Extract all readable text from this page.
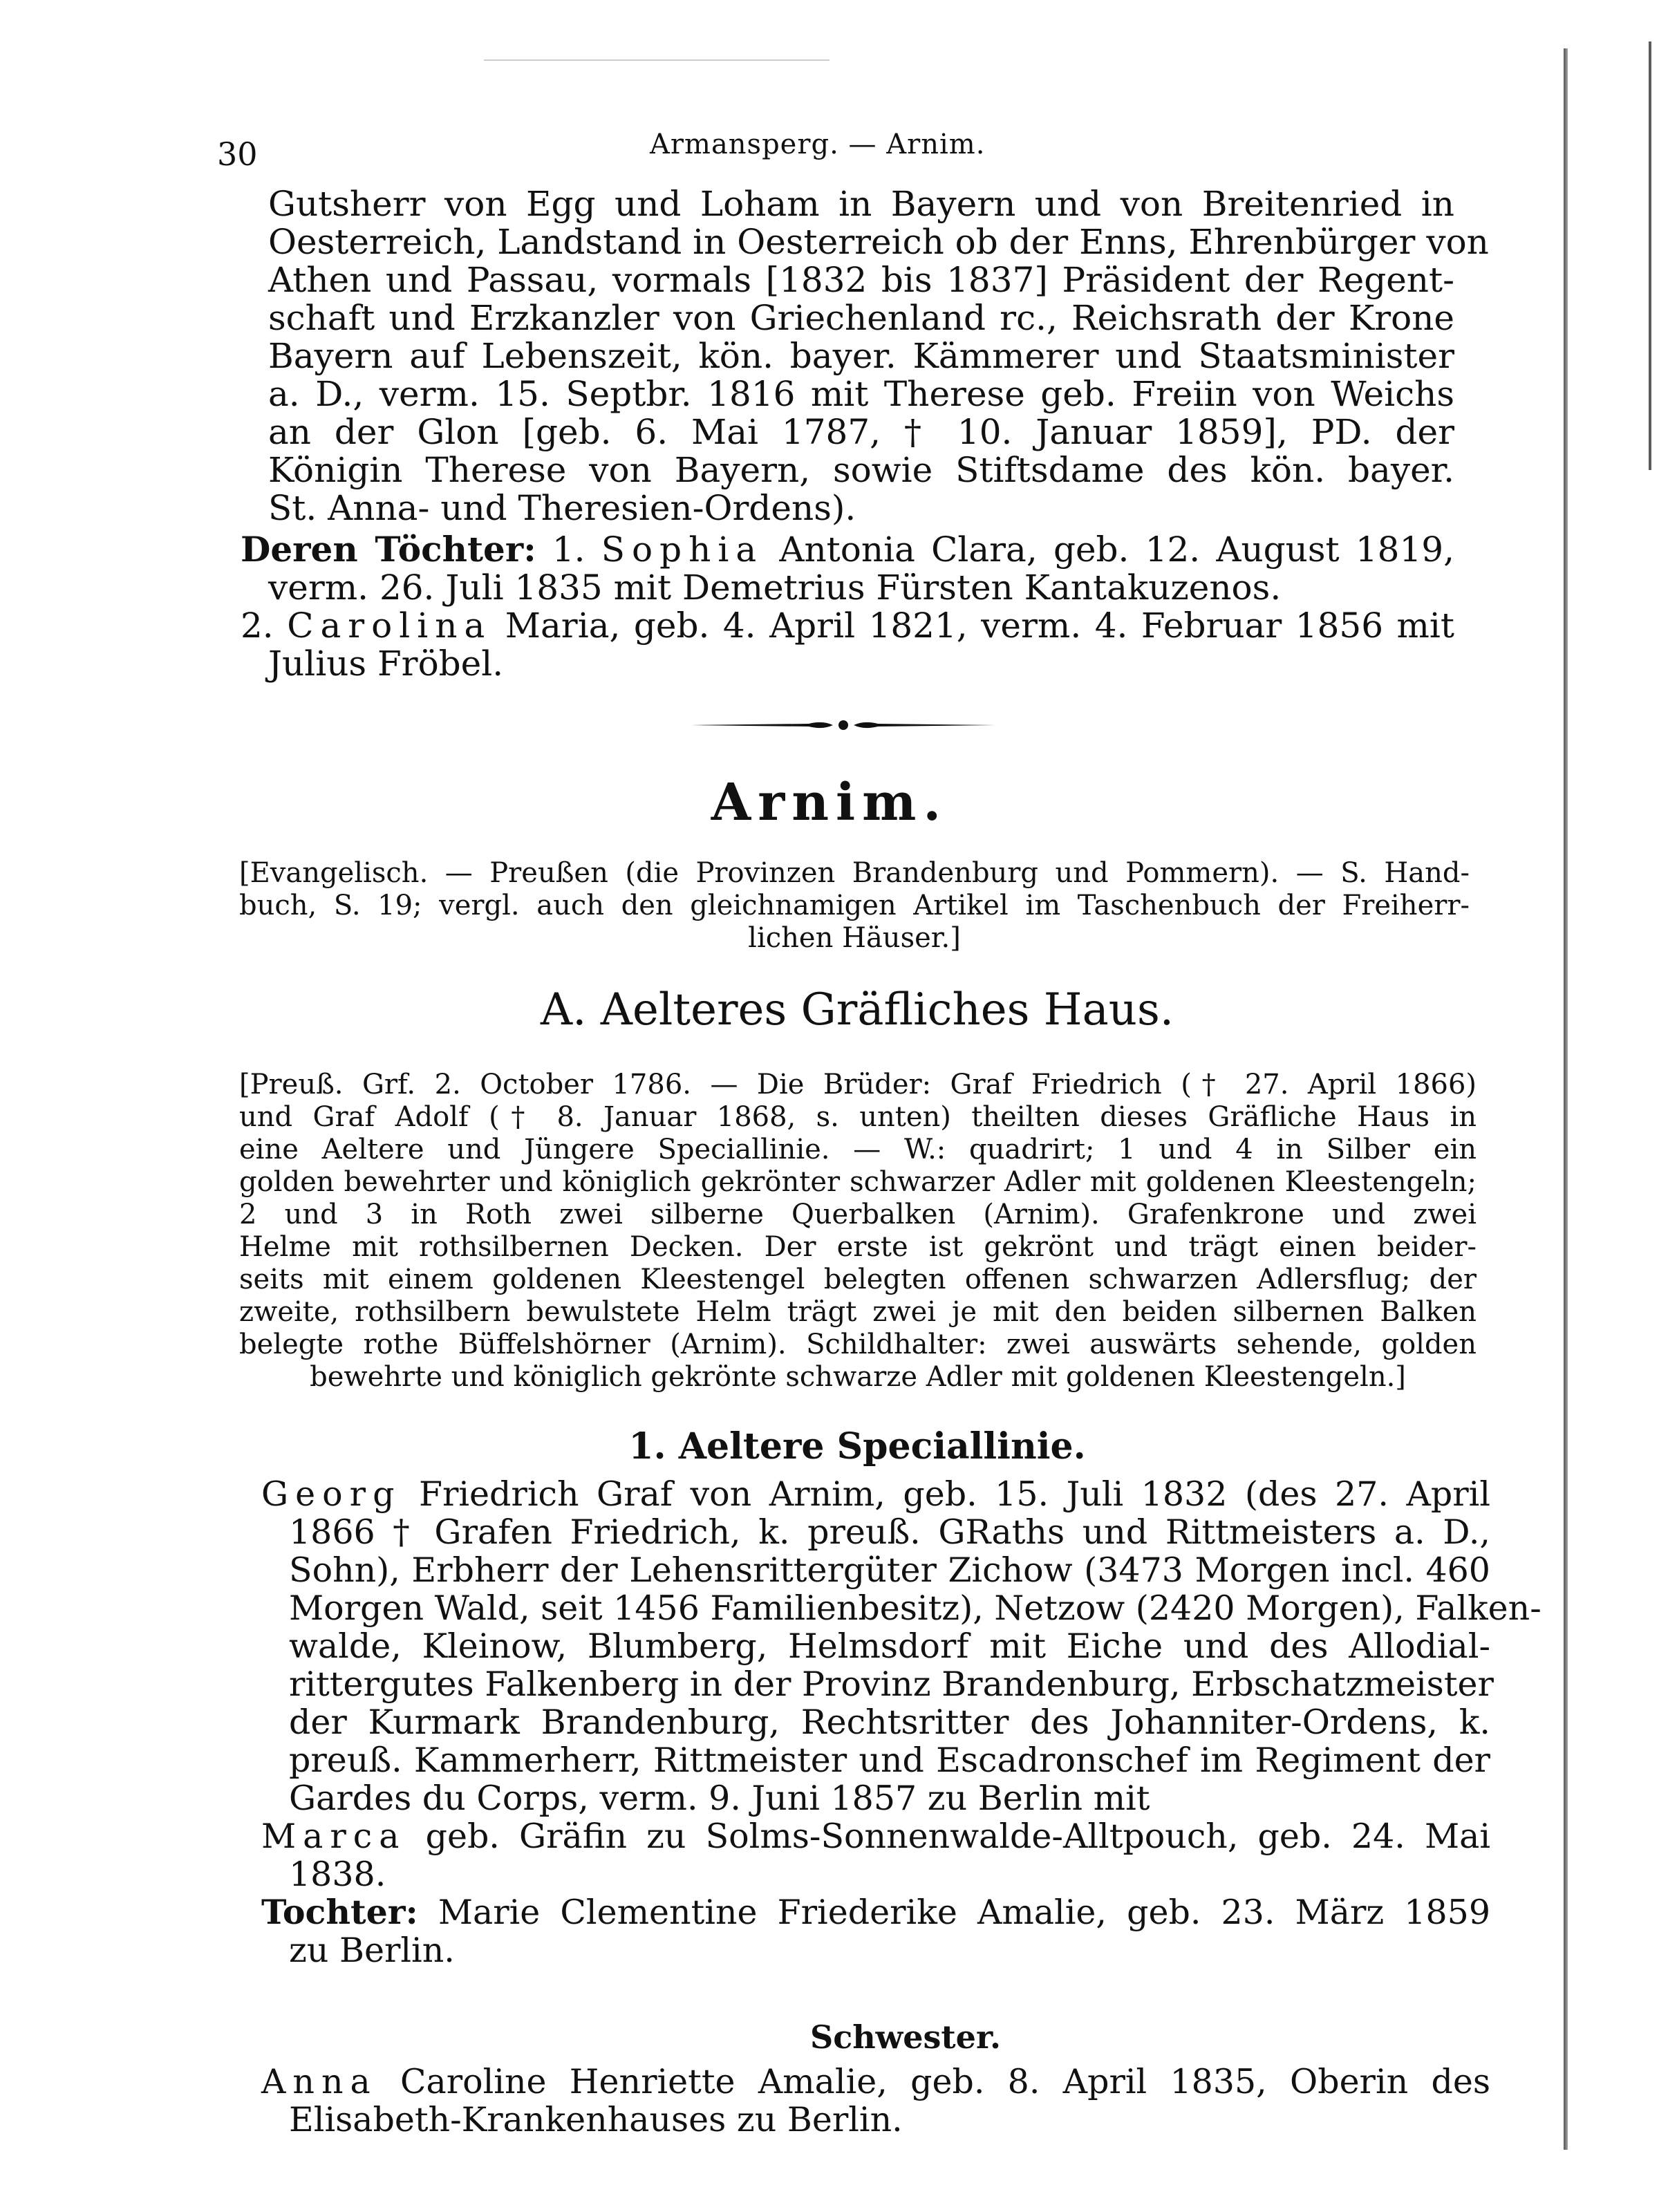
30	Armansperg. — Arnim.
Gutsherr von Egg und Loham in Bayern und von Breitenried in
Oesterreich, Landstand in Oesterreich ob der Enns, Ehrenbürger von
Athen und Passau, vormals [1832 bis 1837] Präsident der Regent-
schaft und Erzkanzler von Griechenland rc., Reichsrath der Krone
Bayern auf Lebenszeit, kön. bayer. Kämmerer und Staatsminister
a. D., verm. 15. Septbr. 1816 mit Therese geb. Freiin von Weichs
an der Glon [geb. 6. Mai 1787, † 10. Januar 1859], PD. der
Königin Therese von Bayern, sowie Stiftsdame des kön. bayer.
St. Anna- und Theresien-Ordens).
Deren Töchter: 1. Sophia Antonia Clara, geb. 12. August 1819,
verm. 26. Juli 1835 mit Demetrius Fürsten Kantakuzenos.
2. Carolina Maria, geb. 4. April 1821, verm. 4. Februar 1856 mit
Julius Fröbel.
Arnim.
[Evangelisch. — Preußen (die Provinzen Brandenburg und Pommern). — S. Hand-
buch, S. 19; vergl. auch den gleichnamigen Artikel im Taschenbuch der Freiherr-
lichen Häuser.]
A. Aelteres Gräfliches Haus.
[Preuß. Grf. 2. October 1786. — Die Brüder: Graf Friedrich († 27. April 1866)
und Graf Adolf († 8. Januar 1868, s. unten) theilten dieses Gräfliche Haus in
eine Aeltere und Jüngere Speciallinie. — W.: quadrirt; 1 und 4 in Silber ein
golden bewehrter und königlich gekrönter schwarzer Adler mit goldenen Kleestengeln;
2 und 3 in Roth zwei silberne Querbalken (Arnim). Grafenkrone und zwei
Helme mit rothsilbernen Decken. Der erste ist gekrönt und trägt einen beider-
seits mit einem goldenen Kleestengel belegten offenen schwarzen Adlersflug; der
zweite, rothsilbern bewulstete Helm trägt zwei je mit den beiden silbernen Balken
belegte rothe Büffelshörner (Arnim). Schildhalter: zwei auswärts sehende, golden
bewehrte und königlich gekrönte schwarze Adler mit goldenen Kleestengeln.]
1. Aeltere Speciallinie.
Georg Friedrich Graf von Arnim, geb. 15. Juli 1832 (des 27. April
1866 † Grafen Friedrich, k. preuß. GRaths und Rittmeisters a. D.,
Sohn), Erbherr der Lehensrittergüter Zichow (3473 Morgen incl. 460
Morgen Wald, seit 1456 Familienbesitz), Netzow (2420 Morgen), Falken-
walde, Kleinow, Blumberg, Helmsdorf mit Eiche und des Allodial-
rittergutes Falkenberg in der Provinz Brandenburg, Erbschatzmeister
der Kurmark Brandenburg, Rechtsritter des Johanniter-Ordens, k.
preuß. Kammerherr, Rittmeister und Escadronschef im Regiment der
Gardes du Corps, verm. 9. Juni 1857 zu Berlin mit
Marca geb. Gräfin zu Solms-Sonnenwalde-Alltpouch, geb. 24. Mai
1838.
Tochter: Marie Clementine Friederike Amalie, geb. 23. März 1859
zu Berlin.
Schwester.
Anna Caroline Henriette Amalie, geb. 8. April 1835, Oberin des
Elisabeth-Krankenhauses zu Berlin.
